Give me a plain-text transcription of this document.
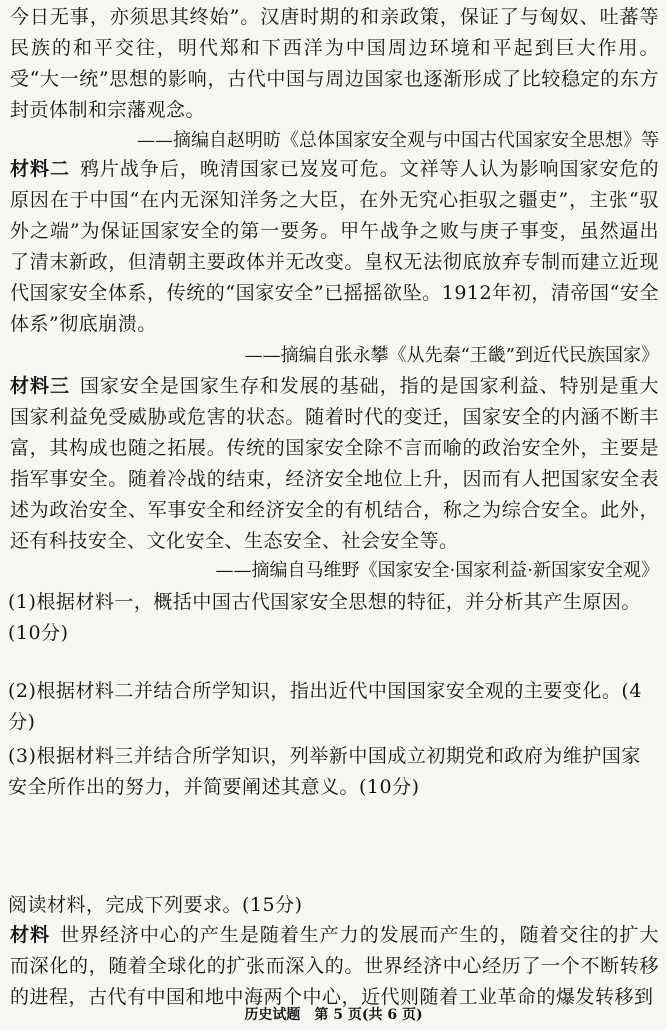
今日无事，亦须思其终始”。汉唐时期的和亲政策，保证了与匈奴、吐蕃等民族的和平交往，明代郑和下西洋为中国周边环境和平起到巨大作用。受“大一统”思想的影响，古代中国与周边国家也逐渐形成了比较稳定的东方封贡体制和宗藩观念。

——摘编自赵明昉《总体国家安全观与中国古代国家安全思想》等

材料二 鸦片战争后，晚清国家已岌岌可危。文祥等人认为影响国家安危的原因在于中国“在内无深知洋务之大臣，在外无究心拒驭之疆吏”，主张“驭外之端”为保证国家安全的第一要务。甲午战争之败与庚子事变，虽然逼出了清末新政，但清朝主要政体并无改变。皇权无法彻底放弃专制而建立近现代国家安全体系，传统的“国家安全”已摇摇欲坠。1912年初，清帝国“安全体系”彻底崩溃。

——摘编自张永攀《从先秦“王畿”到近代民族国家》

材料三 国家安全是国家生存和发展的基础，指的是国家利益、特别是重大国家利益免受威胁或危害的状态。随着时代的变迁，国家安全的内涵不断丰富，其构成也随之拓展。传统的国家安全除不言而喻的政治安全外，主要是指军事安全。随着冷战的结束，经济安全地位上升，因而有人把国家安全表述为政治安全、军事安全和经济安全的有机结合，称之为综合安全。此外，还有科技安全、文化安全、生态安全、社会安全等。

——摘编自马维野《国家安全·国家利益·新国家安全观》

(1)根据材料一，概括中国古代国家安全思想的特征，并分析其产生原因。(10分)

(2)根据材料二并结合所学知识，指出近代中国国家安全观的主要变化。(4分)

(3)根据材料三并结合所学知识，列举新中国成立初期党和政府为维护国家安全所作出的努力，并简要阐述其意义。(10分)

阅读材料，完成下列要求。(15分)

材料 世界经济中心的产生是随着生产力的发展而产生的，随着交往的扩大而深化的，随着全球化的扩张而深入的。世界经济中心经历了一个不断转移的进程，古代有中国和地中海两个中心，近代则随着工业革命的爆发转移到

历史试题　第 5 页(共 6 页)
